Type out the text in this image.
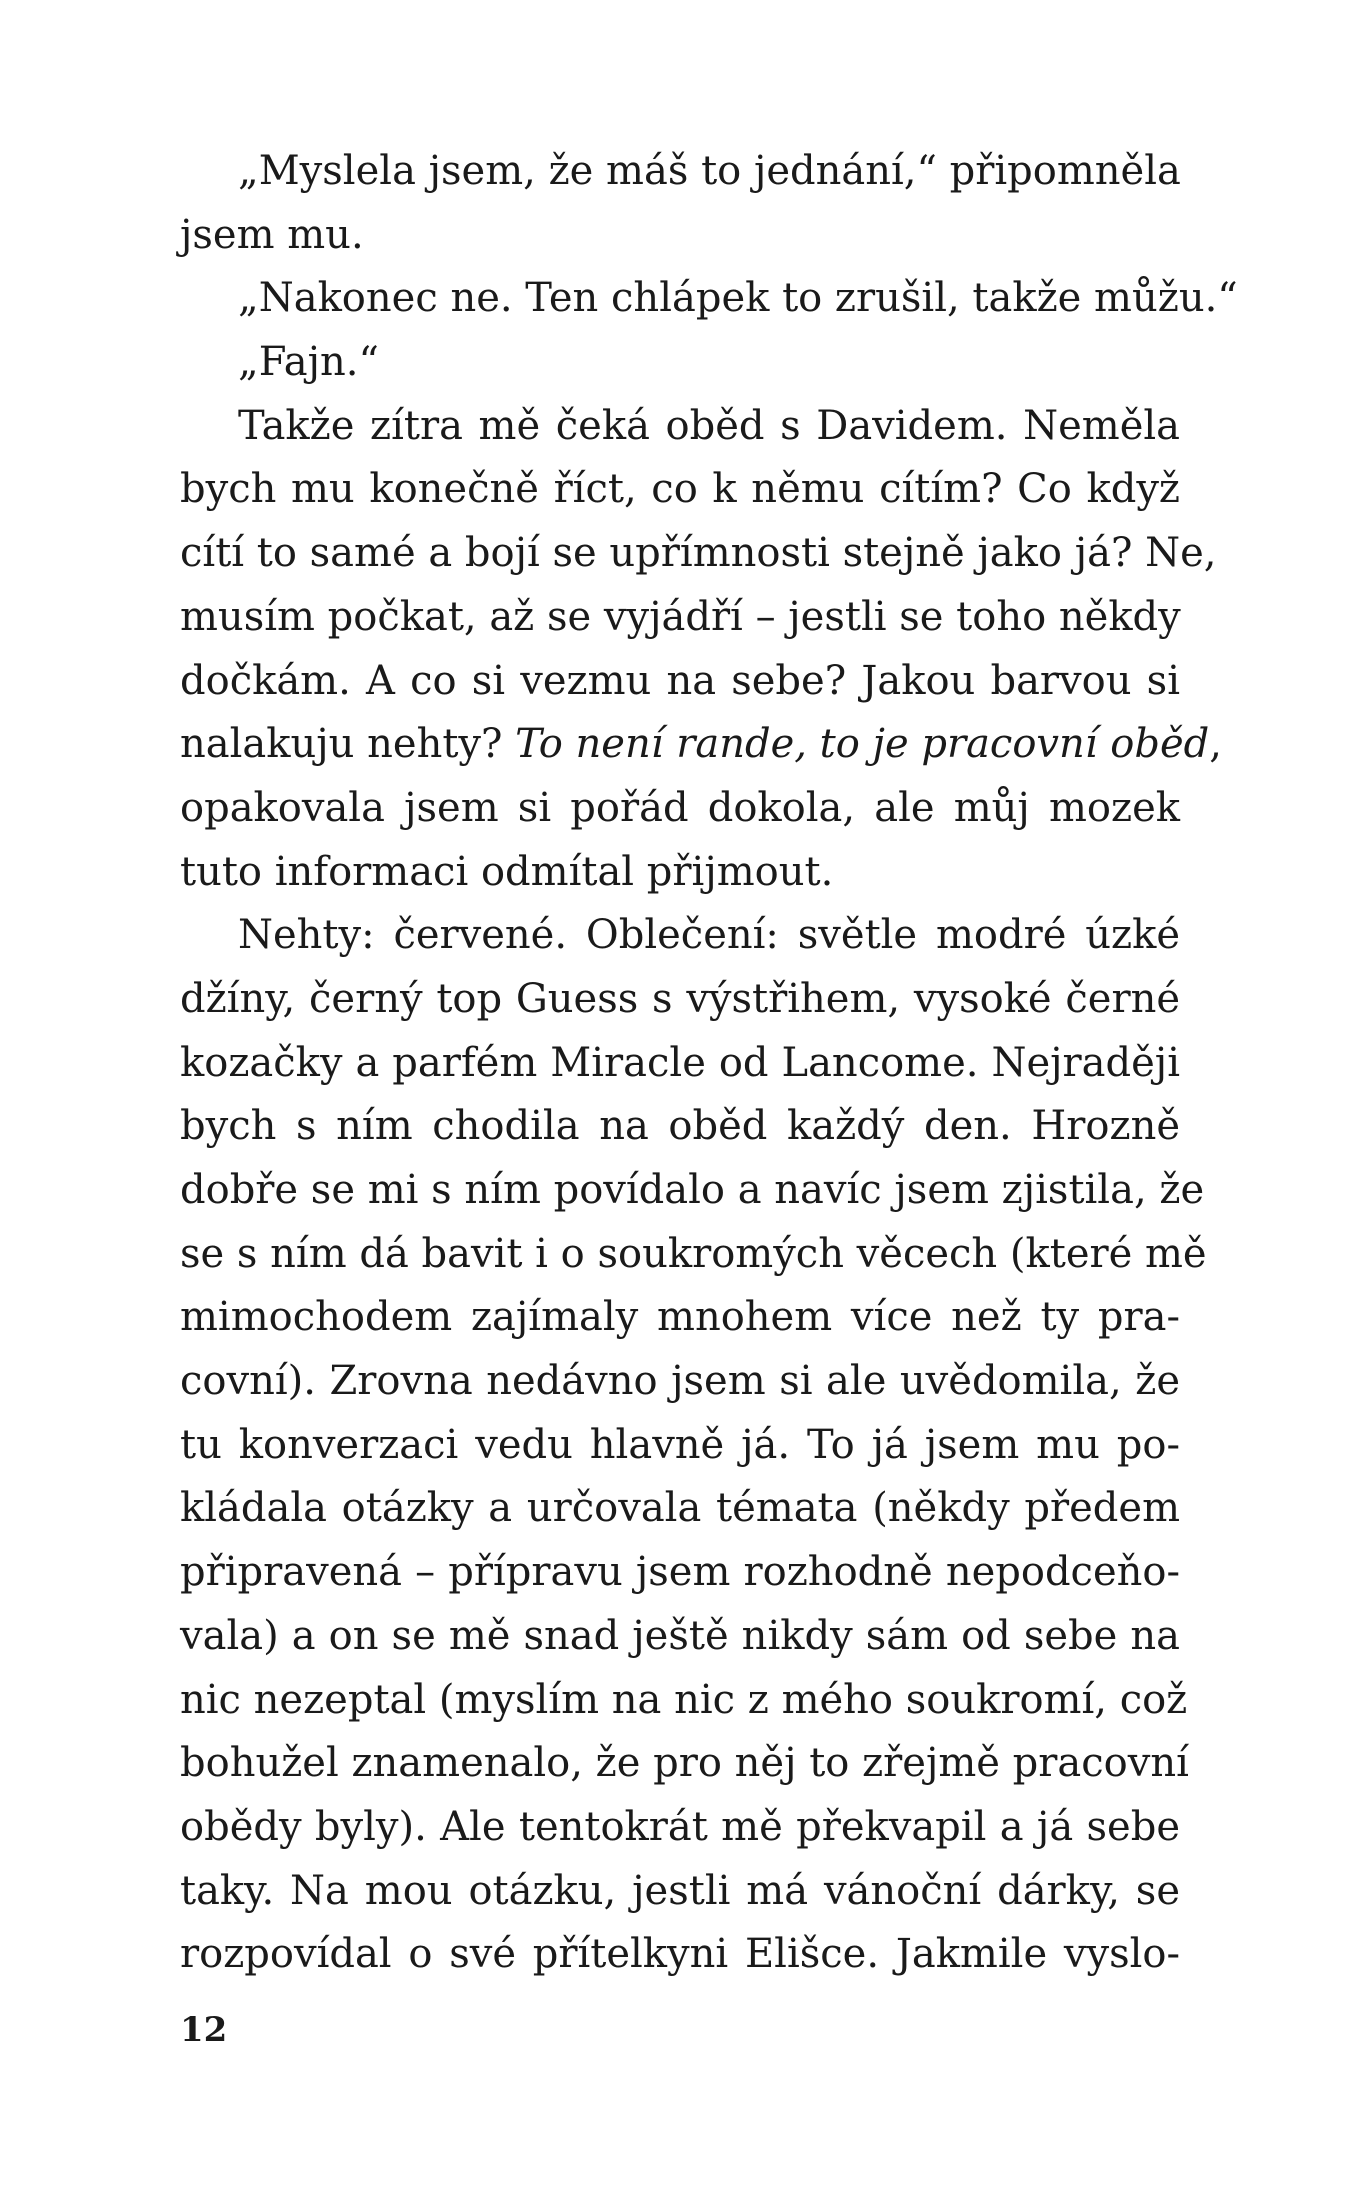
„Myslela jsem, že máš to jednání,“ připomněla
jsem mu.
„Nakonec ne. Ten chlápek to zrušil, takže můžu.“
„Fajn.“
Takže zítra mě čeká oběd s Davidem. Neměla
bych mu konečně říct, co k němu cítím? Co když
cítí to samé a bojí se upřímnosti stejně jako já? Ne,
musím počkat, až se vyjádří – jestli se toho někdy
dočkám. A co si vezmu na sebe? Jakou barvou si
nalakuju nehty? To není rande, to je pracovní oběd,
opakovala jsem si pořád dokola, ale můj mozek
tuto informaci odmítal přijmout.
Nehty: červené. Oblečení: světle modré úzké
džíny, černý top Guess s výstřihem, vysoké černé
kozačky a parfém Miracle od Lancome. Nejraději
bych s ním chodila na oběd každý den. Hrozně
dobře se mi s ním povídalo a navíc jsem zjistila, že
se s ním dá bavit i o soukromých věcech (které mě
mimochodem zajímaly mnohem více než ty pra-
covní). Zrovna nedávno jsem si ale uvědomila, že
tu konverzaci vedu hlavně já. To já jsem mu po-
kládala otázky a určovala témata (někdy předem
připravená – přípravu jsem rozhodně nepodceňo-
vala) a on se mě snad ještě nikdy sám od sebe na
nic nezeptal (myslím na nic z mého soukromí, což
bohužel znamenalo, že pro něj to zřejmě pracovní
obědy byly). Ale tentokrát mě překvapil a já sebe
taky. Na mou otázku, jestli má vánoční dárky, se
rozpovídal o své přítelkyni Elišce. Jakmile vyslo-
12
